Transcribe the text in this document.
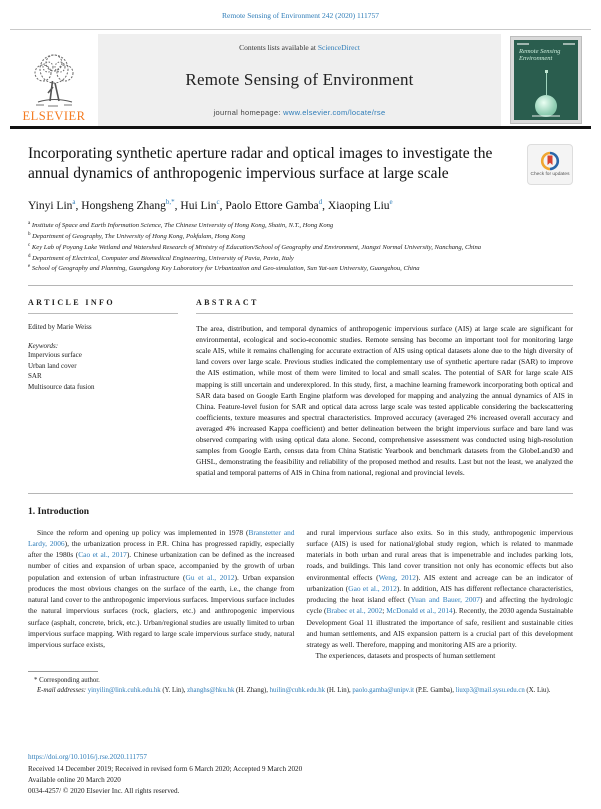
Remote Sensing of Environment 242 (2020) 111757
ELSEVIER
Contents lists available at ScienceDirect
Remote Sensing of Environment
journal homepage: www.elsevier.com/locate/rse
Remote Sensing
Environment
Incorporating synthetic aperture radar and optical images to investigate the annual dynamics of anthropogenic impervious surface at large scale	Check for updates
Yinyi Lin$^a$, Hongsheng Zhang$^{b,*}$, Hui Lin$^c$, Paolo Ettore Gamba$^d$, Xiaoping Liu$^e$
$^a$ Institute of Space and Earth Information Science, The Chinese University of Hong Kong, Shatin, N.T., Hong Kong
$^b$ Department of Geography, The University of Hong Kong, Pokfulam, Hong Kong
$^c$ Key Lab of Poyang Lake Wetland and Watershed Research of Ministry of Education/School of Geography and Environment, Jiangxi Normal University, Nanchang, China
$^d$ Department of Electrical, Computer and Biomedical Engineering, University of Pavia, Pavia, Italy
$^e$ School of Geography and Planning, Guangdong Key Laboratory for Urbanization and Geo-simulation, Sun Yat-sen University, Guangzhou, China
ARTICLE INFO
Edited by Marie Weiss
Keywords:
Impervious surface
Urban land cover
SAR
Multisource data fusion
ABSTRACT
The area, distribution, and temporal dynamics of anthropogenic impervious surface (AIS) at large scale are significant for environmental, ecological and socio-economic studies. Remote sensing has become an important tool for monitoring large scale AIS, while it remains challenging for accurate extraction of AIS using optical datasets alone due to the high diversity of land covers over large scale. Previous studies indicated the complementary use of synthetic aperture radar (SAR) to improve the AIS estimation, while most of them were limited to local and small scales. The potential of SAR for large scale AIS mapping is still uncertain and underexplored. In this study, first, a machine learning framework incorporating both optical and SAR data based on Google Earth Engine platform was developed for mapping and analyzing the annual dynamics of AIS in China. Feature-level fusion for SAR and optical data across large scale was tested applicable considering the backscattering coefficients, texture measures and spectral characteristics. Improved accuracy (averaged 2% increased overall accuracy and averaged 4% increased Kappa coefficient) and better delineation between the bright impervious surface and bare land was observed comparing with using optical data alone. Second, comprehensive assessment was conducted using high-resolution samples from Google Earth, census data from China Statistic Yearbook and benchmark datasets from the GlobeLand30 and GHSL, demonstrating the feasibility and reliability of the proposed method and results. Last but not the least, we analyzed the spatial and temporal patterns of AIS in China from national, regional and provincial levels.
1. Introduction
Since the reform and opening up policy was implemented in 1978 (Branstetter and Lardy, 2006), the urbanization process in P.R. China has progressed rapidly, especially after the 1980s (Cao et al., 2017). Chinese urbanization can be defined as the increased number of cities and expansion of urban space, accompanied by the growth of urban population and extension of urban infrastructure (Gu et al., 2012). Urban expansion produces the most obvious changes on the surface of the earth, i.e., the change from natural land cover to the anthropogenic impervious surfaces. Impervious surface includes the natural impervious surfaces (rock, glaciers, etc.) and anthropogenic impervious surface (asphalt, concrete, brick, etc.). Urban/regional studies are usually limited to urban impervious surface mapping. With regard to large scale impervious surface study, natural impervious surface exists,
and rural impervious surface also exits. So in this study, anthropogenic impervious surface (AIS) is used for national/global study region, which is related to manmade materials in both urban and rural areas that is impenetrable and includes parking lots, roads, and buildings. This land cover transition not only has economic effects but also environmental effects (Weng, 2012). AIS extent and acreage can be an indicator of urbanization (Gao et al., 2012). In addition, AIS has different reflectance characteristics, producing the heat island effect (Yuan and Bauer, 2007) and affecting the hydrologic cycle (Brabec et al., 2002; McDonald et al., 2014). Recently, the 2030 agenda Sustainable Development Goal 11 illustrated the importance of safe, resilient and sustainable cities and human settlements, and AIS expansion pattern is a crucial part of this development strategy as well. Therefore, mapping and monitoring AIS are a priority.
The experiences, datasets and prospects of human settlement
* Corresponding author.
E-mail addresses: yinyilin@link.cuhk.edu.hk (Y. Lin), zhanghs@hku.hk (H. Zhang), huilin@cuhk.edu.hk (H. Lin), paolo.gamba@unipv.it (P.E. Gamba), liuxp3@mail.sysu.edu.cn (X. Liu).
https://doi.org/10.1016/j.rse.2020.111757
Received 14 December 2019; Received in revised form 6 March 2020; Accepted 9 March 2020
Available online 20 March 2020
0034-4257/ © 2020 Elsevier Inc. All rights reserved.
